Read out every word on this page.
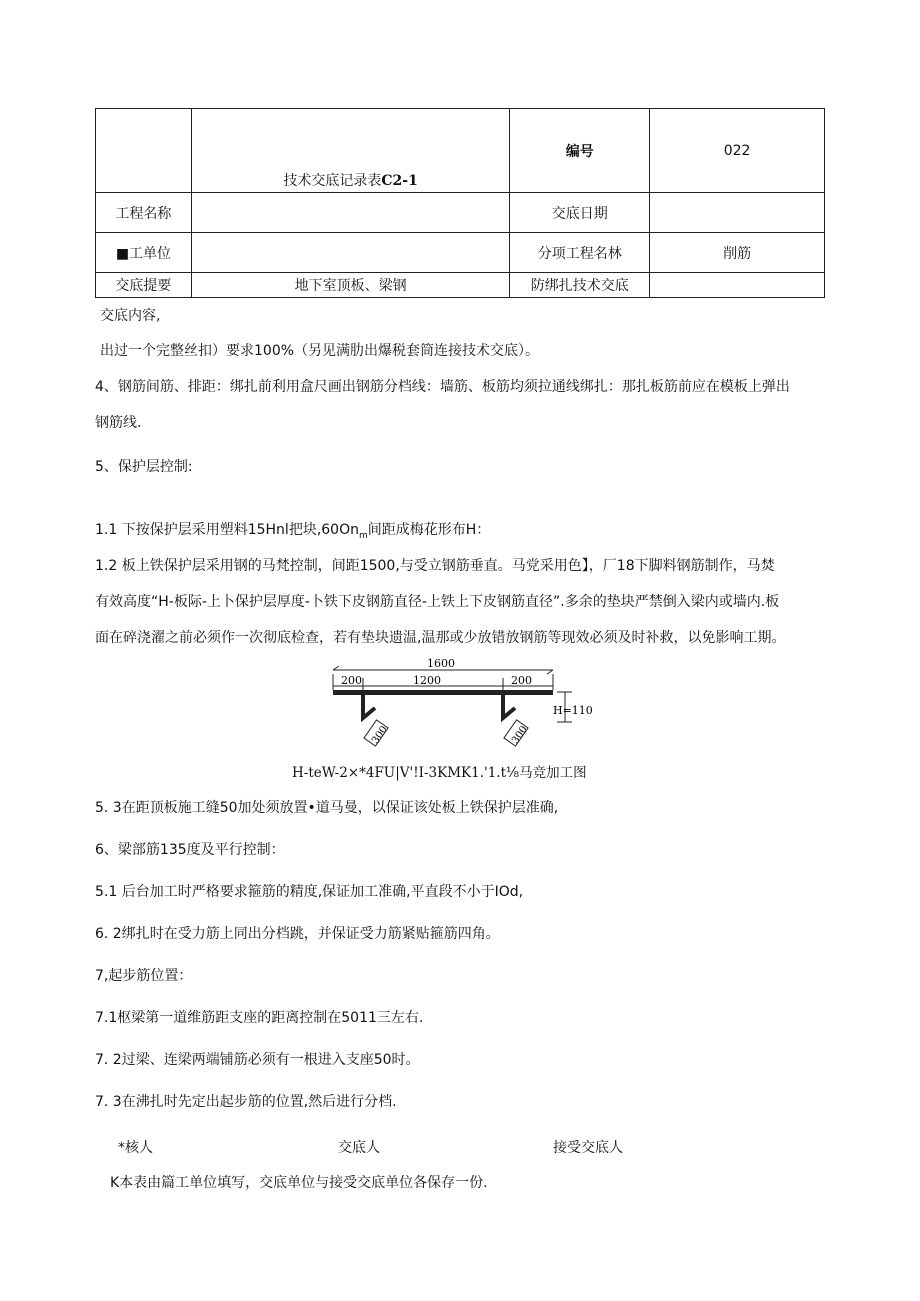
	技术交底记录表C2-1	编号	022
工程名称		交底日期	
■工单位		分项工程名林	削筋
交底提要	地下室顶板、梁钢	防绑扎技术交底	
交底内容,
出过一个完整丝扣）要求100%（另见满肋出爆税套筒连接技术交底）。
4、钢筋间筋、排距：绑扎前利用盒尺画出钢筋分档线：墙筋、板筋均须拉通线绑扎：那扎板筋前应在模板上弹出
钢筋线.
5、保护层控制:
1.1 下按保护层采用塑料15Hnl把块$,60On_m$间距成梅花形布H：
1.2 板上铁保护层采用钢的马梵控制，间距1500,与受立钢筋垂直。马党采用色】，厂18下脚料钢筋制作，马焚
有效高度“H-板际-上卜保护层厚度-卜铁下皮钢筋直径-上铁上下皮钢筋直径”.多余的垫块严禁倒入梁内或墙内.板
面在碎浇濯之前必须作一次彻底检查，若有垫块遗温,温那或少放错放钢筋等现效必须及时补救，以免影响工期。
1600
200	1200	200
H=110
300	300
H-teW-2×*4FU|V'!I-3KMK1.'1.t⅛马竞加工图
5. 3在距顶板施工缝50加处须放置•道马曼，以保证该处板上铁保护层准确,
6、梁部筋135度及平行控制：
5.1 后台加工时严格要求箍筋的精度,保证加工准确,平直段不小于IOd,
6. 2绑扎时在受力筋上同出分档跳，并保证受力筋紧贴箍筋四角。
7,起步筋位置：
7.1枢梁第一道维筋距支座的距离控制在5011三左右.
7. 2过梁、连梁两端铺筋必须有一根进入支座50时。
7. 3在沸扎时先定出起步筋的位置,然后进行分档.
*核人	交底人	接受交底人
K本表由篇工单位填写，交底单位与接受交底单位各保存一份.
